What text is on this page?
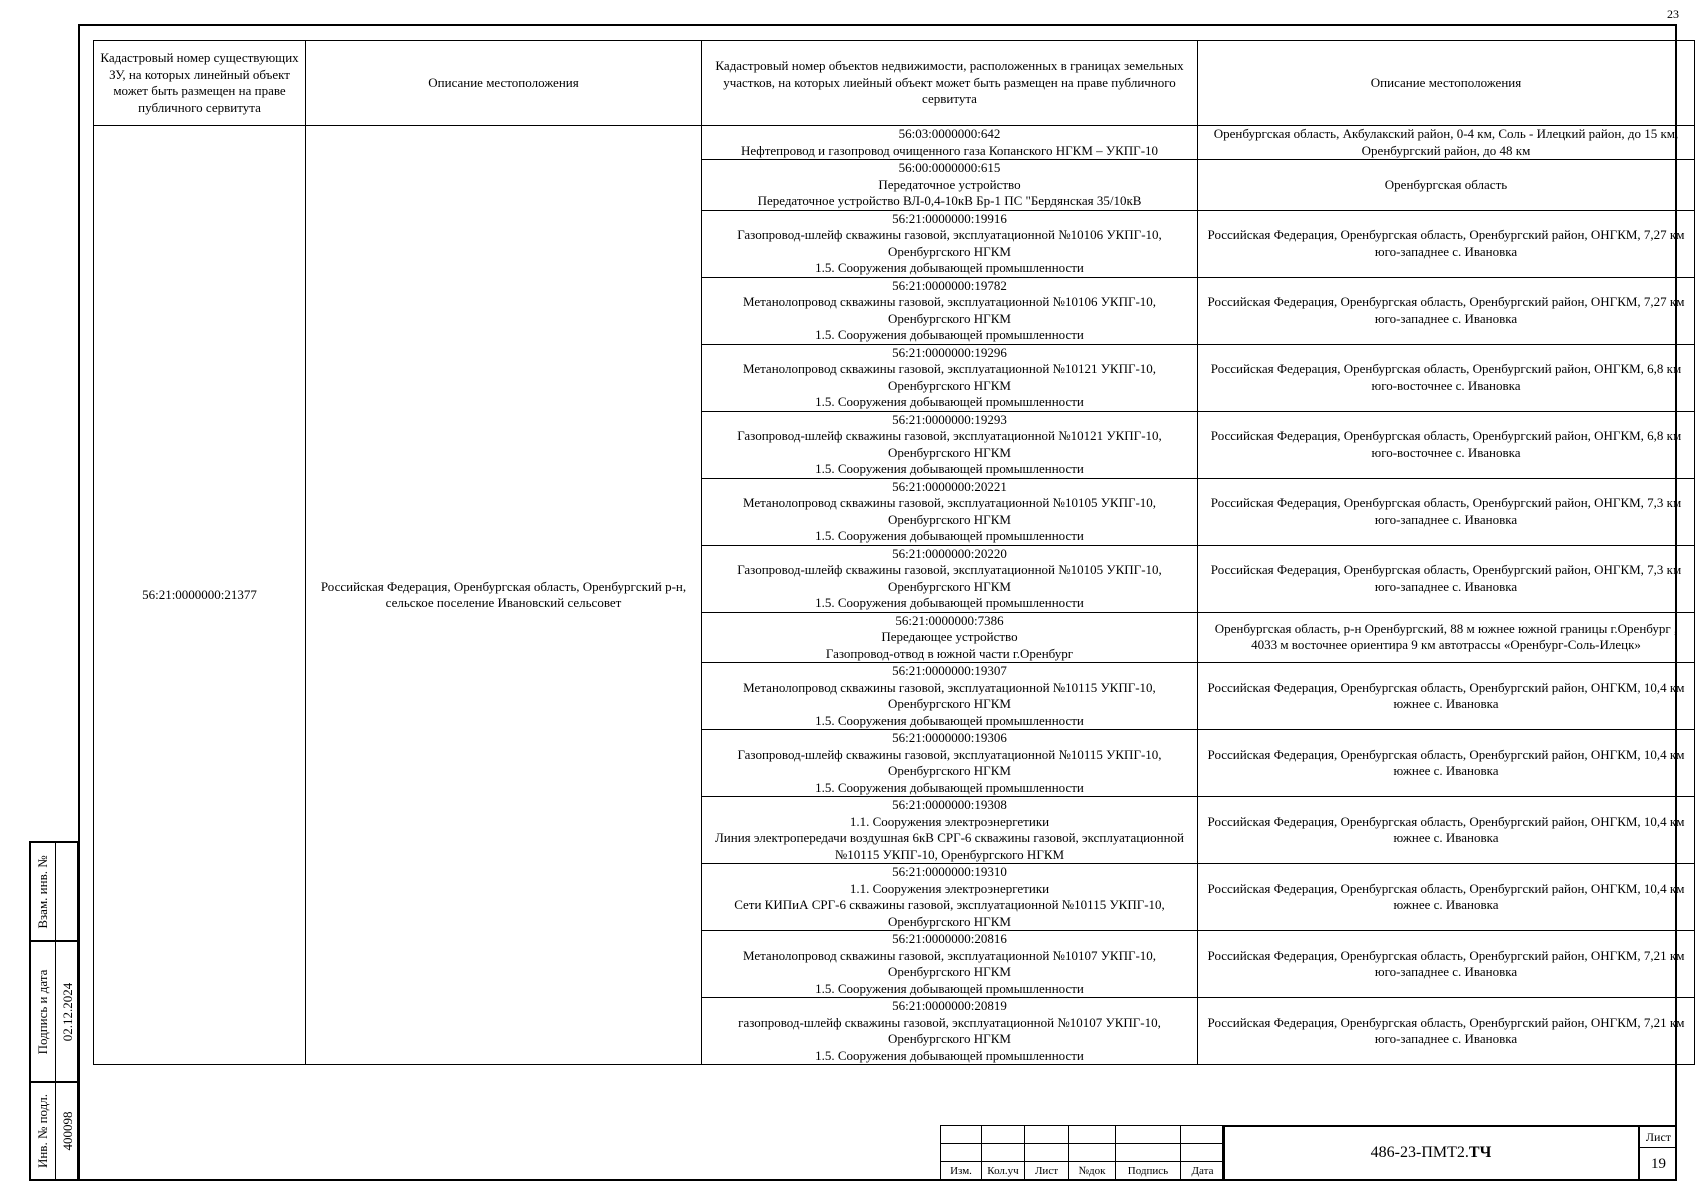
23
Кадастровый номер существующих ЗУ, на которых линейный объект может быть размещен на праве публичного сервитута	Описание местоположения	Кадастровый номер объектов недвижимости, расположенных в границах земельных участков, на которых лиейный объект может быть размещен на праве публичного сервитута	Описание местоположения
56:21:0000000:21377	Российская Федерация, Оренбургская область, Оренбургский р-н, сельское поселение Ивановский сельсовет	56:03:0000000:642
Нефтепровод и газопровод очищенного газа Копанского НГКМ – УКПГ-10	Оренбургская область, Акбулакский район, 0-4 км, Соль - Илецкий район, до 15 км, Оренбургский район, до 48 км

		56:00:0000000:615
Передаточное устройство
Передаточное устройство ВЛ-0,4-10кВ Бр-1 ПС "Бердянская 35/10кВ	Оренбургская область

		56:21:0000000:19916
Газопровод-шлейф скважины газовой, эксплуатационной №10106 УКПГ-10, Оренбургского НГКМ
1.5. Сооружения добывающей промышленности	Российская Федерация, Оренбургская область, Оренбургский район, ОНГКМ, 7,27 км юго-западнее с. Ивановка

		56:21:0000000:19782
Метанолопровод скважины газовой, эксплуатационной №10106 УКПГ-10, Оренбургского НГКМ
1.5. Сооружения добывающей промышленности	Российская Федерация, Оренбургская область, Оренбургский район, ОНГКМ, 7,27 км юго-западнее с. Ивановка

		56:21:0000000:19296
Метанолопровод скважины газовой, эксплуатационной №10121 УКПГ-10, Оренбургского НГКМ
1.5. Сооружения добывающей промышленности	Российская Федерация, Оренбургская область, Оренбургский район, ОНГКМ, 6,8 км юго-восточнее с. Ивановка

		56:21:0000000:19293
Газопровод-шлейф скважины газовой, эксплуатационной №10121 УКПГ-10, Оренбургского НГКМ
1.5. Сооружения добывающей промышленности	Российская Федерация, Оренбургская область, Оренбургский район, ОНГКМ, 6,8 км юго-восточнее с. Ивановка

		56:21:0000000:20221
Метанолопровод скважины газовой, эксплуатационной №10105 УКПГ-10, Оренбургского НГКМ
1.5. Сооружения добывающей промышленности	Российская Федерация, Оренбургская область, Оренбургский район, ОНГКМ, 7,3 км юго-западнее с. Ивановка

		56:21:0000000:20220
Газопровод-шлейф скважины газовой, эксплуатационной №10105 УКПГ-10, Оренбургского НГКМ
1.5. Сооружения добывающей промышленности	Российская Федерация, Оренбургская область, Оренбургский район, ОНГКМ, 7,3 км юго-западнее с. Ивановка

		56:21:0000000:7386
Передающее устройство
Газопровод-отвод в южной части г.Оренбург	Оренбургская область, р-н Оренбургский, 88 м южнее южной границы г.Оренбург , 4033 м восточнее ориентира 9 км автотрассы «Оренбург-Соль-Илецк»

		56:21:0000000:19307
Метанолопровод скважины газовой, эксплуатационной №10115 УКПГ-10, Оренбургского НГКМ
1.5. Сооружения добывающей промышленности	Российская Федерация, Оренбургская область, Оренбургский район, ОНГКМ, 10,4 км южнее с. Ивановка

		56:21:0000000:19306
Газопровод-шлейф скважины газовой, эксплуатационной №10115 УКПГ-10, Оренбургского НГКМ
1.5. Сооружения добывающей промышленности	Российская Федерация, Оренбургская область, Оренбургский район, ОНГКМ, 10,4 км южнее с. Ивановка

		56:21:0000000:19308
1.1. Сооружения электроэнергетики
Линия электропередачи воздушная 6кВ СРГ-6 скважины газовой, эксплуатационной №10115 УКПГ-10, Оренбургского НГКМ	Российская Федерация, Оренбургская область, Оренбургский район, ОНГКМ, 10,4 км южнее с. Ивановка

		56:21:0000000:19310
1.1. Сооружения электроэнергетики
Сети КИПиА СРГ-6 скважины газовой, эксплуатационной №10115 УКПГ-10, Оренбургского НГКМ	Российская Федерация, Оренбургская область, Оренбургский район, ОНГКМ, 10,4 км южнее с. Ивановка

		56:21:0000000:20816
Метанолопровод скважины газовой, эксплуатационной №10107 УКПГ-10, Оренбургского НГКМ
1.5. Сооружения добывающей промышленности	Российская Федерация, Оренбургская область, Оренбургский район, ОНГКМ, 7,21 км юго-западнее с. Ивановка

		56:21:0000000:20819
газопровод-шлейф скважины газовой, эксплуатационной №10107 УКПГ-10, Оренбургского НГКМ
1.5. Сооружения добывающей промышленности	Российская Федерация, Оренбургская область, Оренбургский район, ОНГКМ, 7,21 км юго-западнее с. Ивановка
Взам. инв. №
Подпись и дата 02.12.2024
Инв. № подл. 400098

Изм.	Кол.уч	Лист	№док	Подпись	Дата
486-23-ПМТ2. ТЧ
Лист
19
